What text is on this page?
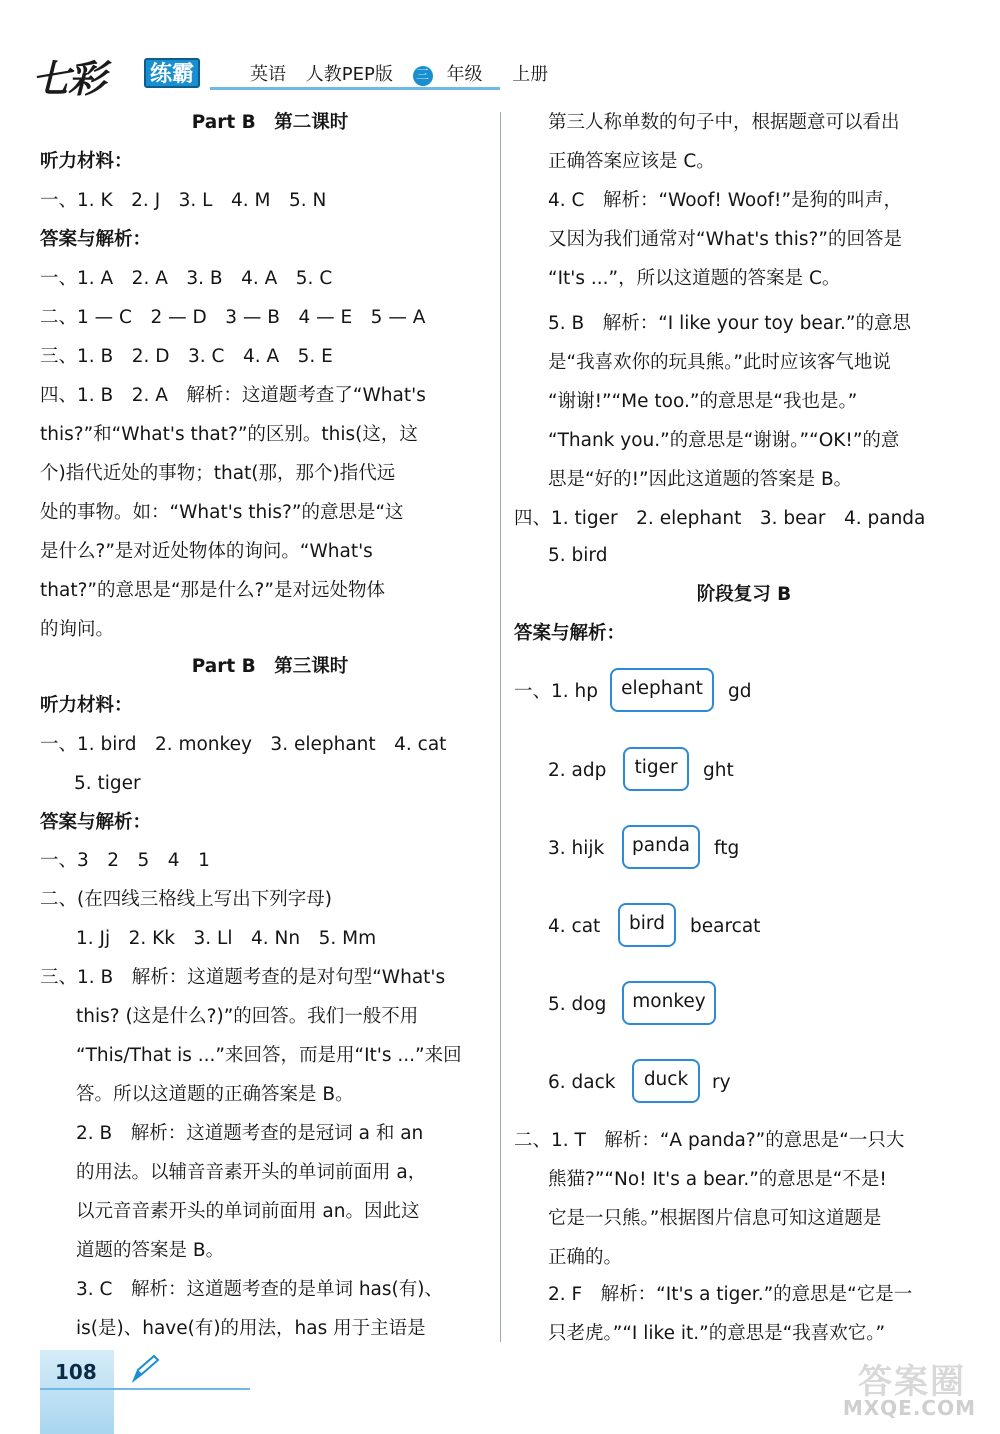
七彩 练霸	英语 人教PEP版 三 年级 上册
Part B　第二课时
听力材料：
一、1. K　2. J　3. L　4. M　5. N
答案与解析：
一、1. A　2. A　3. B　4. A　5. C
二、1 — C　2 — D　3 — B　4 — E　5 — A
三、1. B　2. D　3. C　4. A　5. E
四、1. B　2. A　解析：这道题考查了“What's
this?”和“What's that?”的区别。this(这，这
个)指代近处的事物；that(那，那个)指代远
处的事物。如：“What's this?”的意思是“这
是什么?”是对近处物体的询问。“What's
that?”的意思是“那是什么?”是对远处物体
的询问。
Part B　第三课时
听力材料：
一、1. bird　2. monkey　3. elephant　4. cat
5. tiger
答案与解析：
一、3　2　5　4　1
二、(在四线三格线上写出下列字母)
1. Jj　2. Kk　3. Ll　4. Nn　5. Mm
三、1. B　解析：这道题考查的是对句型“What's
this? (这是什么?)”的回答。我们一般不用
“This/That is ...”来回答，而是用“It's ...”来回
答。所以这道题的正确答案是 B。
2. B　解析：这道题考查的是冠词 a 和 an
的用法。以辅音音素开头的单词前面用 a，
以元音音素开头的单词前面用 an。因此这
道题的答案是 B。
3. C　解析：这道题考查的是单词 has(有)、
is(是)、have(有)的用法，has 用于主语是
第三人称单数的句子中，根据题意可以看出
正确答案应该是 C。
4. C　解析：“Woof! Woof!”是狗的叫声，
又因为我们通常对“What's this?”的回答是
“It's ...”，所以这道题的答案是 C。
5. B　解析：“I like your toy bear.”的意思
是“我喜欢你的玩具熊。”此时应该客气地说
“谢谢!”“Me too.”的意思是“我也是。”
“Thank you.”的意思是“谢谢。”“OK!”的意
思是“好的!”因此这道题的答案是 B。
四、1. tiger　2. elephant　3. bear　4. panda
5. bird
阶段复习 B
答案与解析：
一、1. hp	elephant	gd
2. adp	tiger	ght
3. hijk	panda	ftg
4. cat	bird	bearcat
5. dog	monkey
6. dack	duck	ry
二、1. T　解析：“A panda?”的意思是“一只大
熊猫?”“No! It's a bear.”的意思是“不是!
它是一只熊。”根据图片信息可知这道题是
正确的。
2. F　解析：“It's a tiger.”的意思是“它是一
只老虎。”“I like it.”的意思是“我喜欢它。”
108	答案圈
MXQE.COM
